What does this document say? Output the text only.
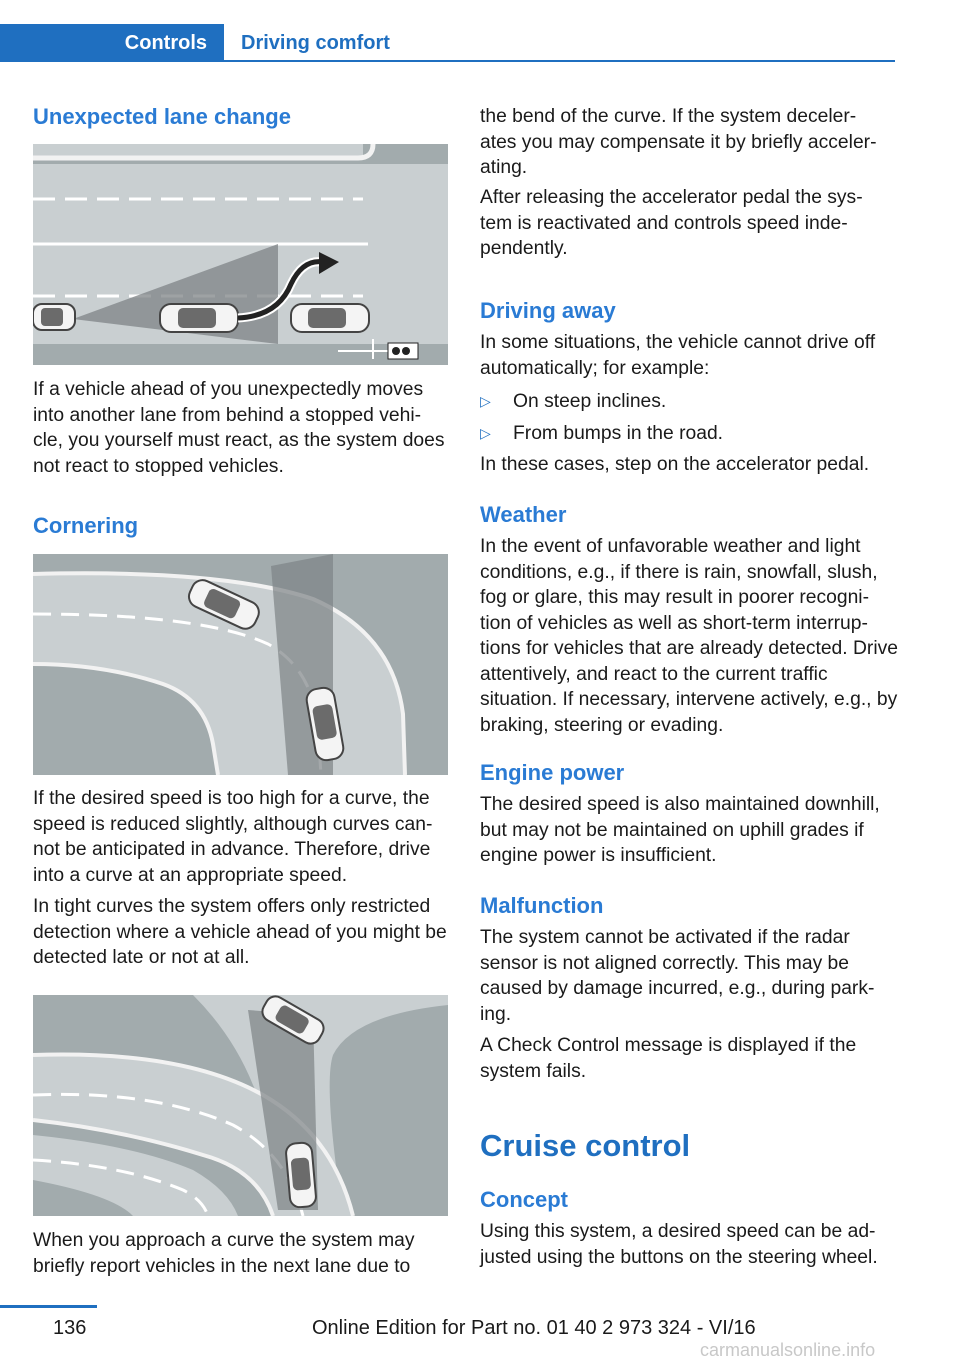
Controls	Driving comfort
Unexpected lane change

If a vehicle ahead of you unexpectedly moves into another lane from behind a stopped vehi‐ cle, you yourself must react, as the system does not react to stopped vehicles.

Cornering

If the desired speed is too high for a curve, the speed is reduced slightly, although curves can‐ not be anticipated in advance. Therefore, drive into a curve at an appropriate speed.

In tight curves the system offers only restricted detection where a vehicle ahead of you might be detected late or not at all.

When you approach a curve the system may briefly report vehicles in the next lane due to

the bend of the curve. If the system deceler‐ ates you may compensate it by briefly acceler‐ ating.

After releasing the accelerator pedal the sys‐ tem is reactivated and controls speed inde‐ pendently.

Driving away

In some situations, the vehicle cannot drive off automatically; for example:

▷ On steep inclines.
▷ From bumps in the road.

In these cases, step on the accelerator pedal.

Weather

In the event of unfavorable weather and light conditions, e.g., if there is rain, snowfall, slush, fog or glare, this may result in poorer recogni‐ tion of vehicles as well as short-term interrup‐ tions for vehicles that are already detected. Drive attentively, and react to the current traffic situation. If necessary, intervene actively, e.g., by braking, steering or evading.

Engine power

The desired speed is also maintained downhill, but may not be maintained on uphill grades if engine power is insufficient.

Malfunction

The system cannot be activated if the radar sensor is not aligned correctly. This may be caused by damage incurred, e.g., during park‐ ing.

A Check Control message is displayed if the system fails.

Cruise control
Concept

Using this system, a desired speed can be ad‐ justed using the buttons on the steering wheel.

136	Online Edition for Part no. 01 40 2 973 324 - VI/16
carmanualsonline.info
